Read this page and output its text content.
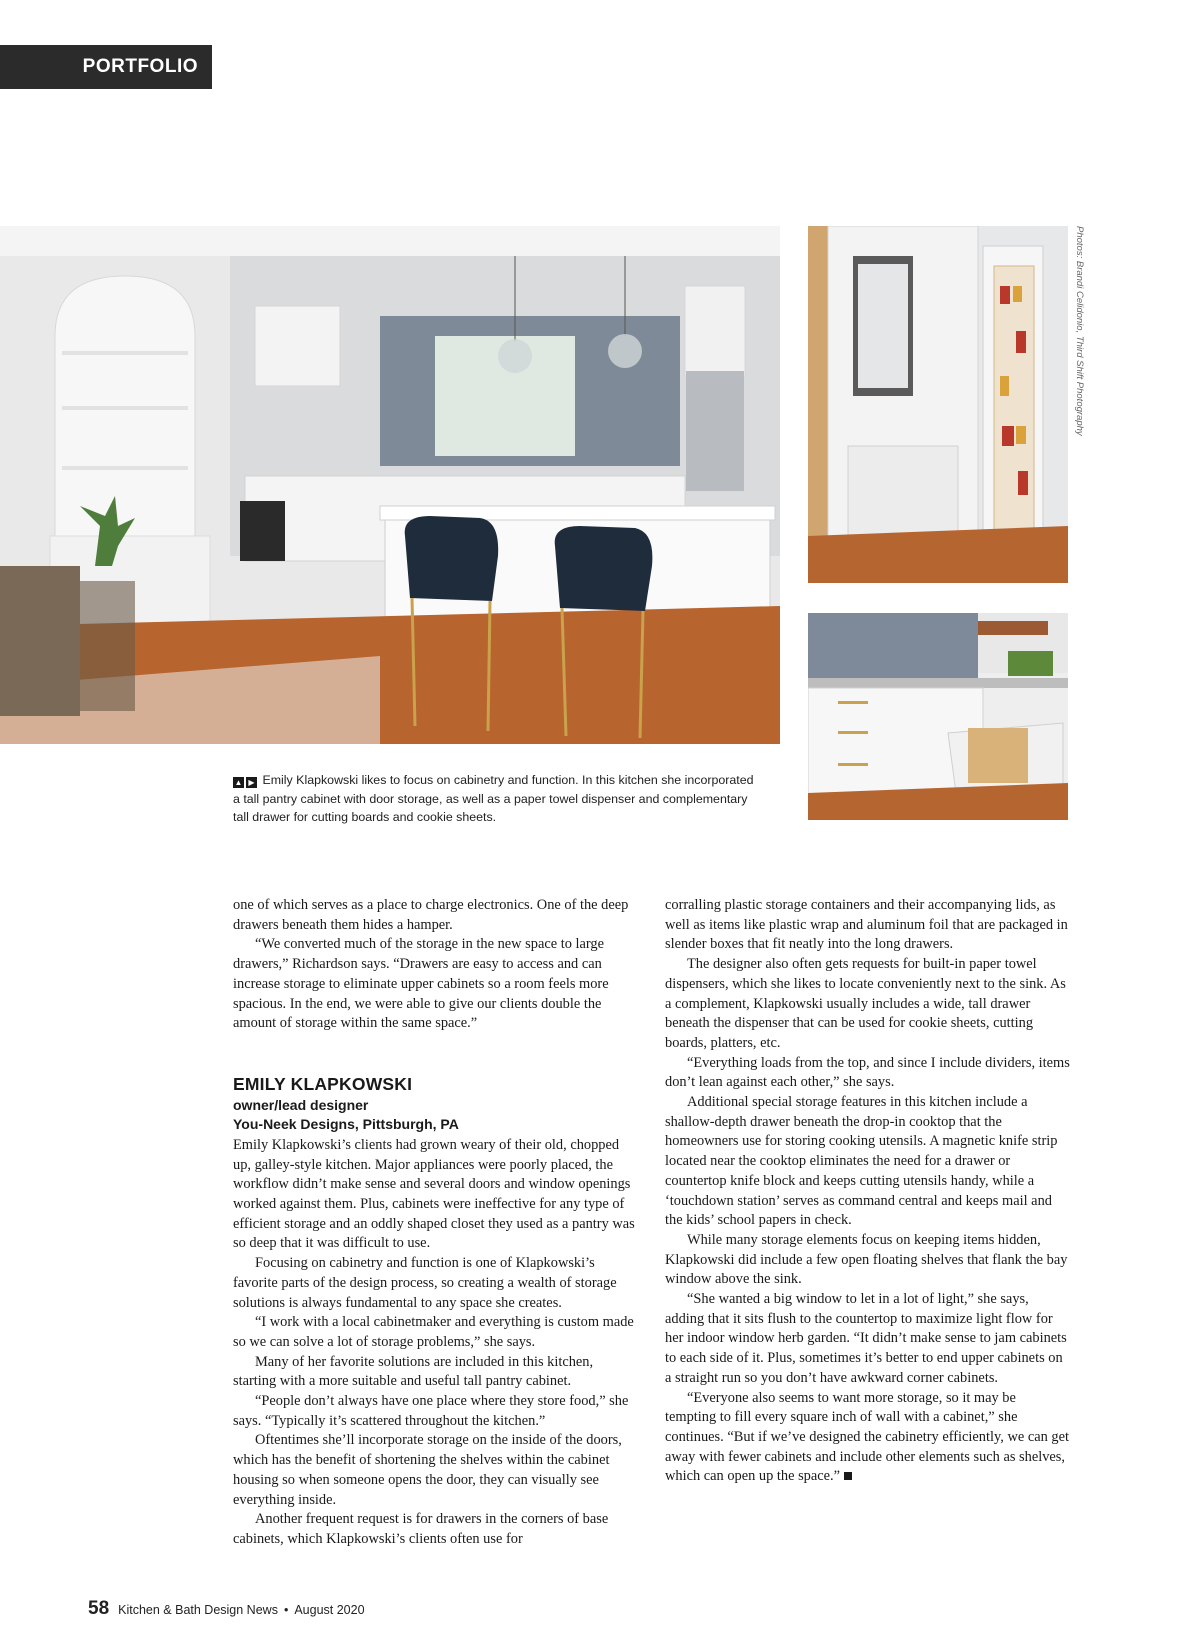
PORTFOLIO
Photos: Brandi Celidonio, Third Shift Photography
▲ ▶ Emily Klapkowski likes to focus on cabinetry and function. In this kitchen she incorporated a tall pantry cabinet with door storage, as well as a paper towel dispenser and complementary tall drawer for cutting boards and cookie sheets.

one of which serves as a place to charge electronics. One of the deep drawers beneath them hides a hamper.

“We converted much of the storage in the new space to large drawers,” Richardson says. “Drawers are easy to access and can increase storage to eliminate upper cabinets so a room feels more spacious. In the end, we were able to give our clients double the amount of storage within the same space.”

EMILY KLAPKOWSKI
owner/lead designer
You-Neek Designs, Pittsburgh, PA

Emily Klapkowski’s clients had grown weary of their old, chopped up, galley-style kitchen. Major appliances were poorly placed, the workflow didn’t make sense and several doors and window openings worked against them. Plus, cabinets were ineffective for any type of efficient storage and an oddly shaped closet they used as a pantry was so deep that it was difficult to use.

Focusing on cabinetry and function is one of Klapkowski’s favorite parts of the design process, so creating a wealth of storage solutions is always fundamental to any space she creates.

“I work with a local cabinetmaker and everything is custom made so we can solve a lot of storage problems,” she says.

Many of her favorite solutions are included in this kitchen, starting with a more suitable and useful tall pantry cabinet.

“People don’t always have one place where they store food,” she says. “Typically it’s scattered throughout the kitchen.”

Oftentimes she’ll incorporate storage on the inside of the doors, which has the benefit of shortening the shelves within the cabinet housing so when someone opens the door, they can visually see everything inside.

Another frequent request is for drawers in the corners of base cabinets, which Klapkowski’s clients often use for

corralling plastic storage containers and their accompanying lids, as well as items like plastic wrap and aluminum foil that are packaged in slender boxes that fit neatly into the long drawers.

The designer also often gets requests for built-in paper towel dispensers, which she likes to locate conveniently next to the sink. As a complement, Klapkowski usually includes a wide, tall drawer beneath the dispenser that can be used for cookie sheets, cutting boards, platters, etc.

“Everything loads from the top, and since I include dividers, items don’t lean against each other,” she says.

Additional special storage features in this kitchen include a shallow-depth drawer beneath the drop-in cooktop that the homeowners use for storing cooking utensils. A magnetic knife strip located near the cooktop eliminates the need for a drawer or countertop knife block and keeps cutting utensils handy, while a ‘touchdown station’ serves as command central and keeps mail and the kids’ school papers in check.

While many storage elements focus on keeping items hidden, Klapkowski did include a few open floating shelves that flank the bay window above the sink.

“She wanted a big window to let in a lot of light,” she says, adding that it sits flush to the countertop to maximize light flow for her indoor window herb garden. “It didn’t make sense to jam cabinets to each side of it. Plus, sometimes it’s better to end upper cabinets on a straight run so you don’t have awkward corner cabinets.

“Everyone also seems to want more storage, so it may be tempting to fill every square inch of wall with a cabinet,” she continues. “But if we’ve designed the cabinetry efficiently, we can get away with fewer cabinets and include other elements such as shelves, which can open up the space.”

58 Kitchen & Bath Design News • August 2020
